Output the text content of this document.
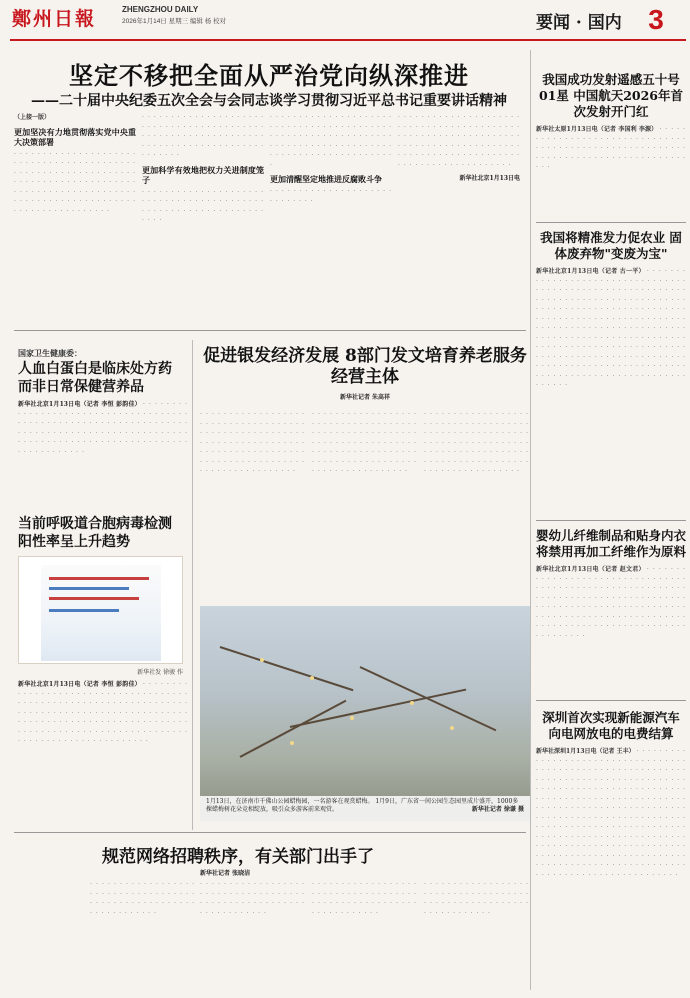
鄭州日報	ZHENGZHOU DAILY
2026年1月14日 星期三 编辑 杨 校对	要闻 · 国内 3
坚定不移把全面从严治党向纵深推进
——二十届中央纪委五次全会与会同志谈学习贯彻习近平总书记重要讲话精神
（上接一版）
更加坚决有力地贯彻落实党中央重大决策部署
· · · · · · · · · · · · · · · · · · · · · · · · · · · · · · · · · · · · · · · · · · · · · · · · · · · · · · · · · · · · · · · · · · · · · · · · · · · · · · · · · · · · · · · · · · · · · · · · · · · · · · · · · · · · · · · · · · · · · · · · · · · · · · · · · · · · · · · · · · · · · · ·
· · · · · · · · · · · · · · · · · · · · · · · · · · · · · · · · · · · · · · · · · · · · · · · · · · · · · · · · · · · · · · · · · · · · · · · · · · · · · · · · · · · · · · · · · · ·
更加科学有效地把权力关进制度笼子
· · · · · · · · · · · · · · · · · · · · · · · · · · · · · · · · · · · · · · · · · · · · · · · · · · · · · · · · · · · · · · · · · · ·
· · · · · · · · · · · · · · · · · · · · · · · · · · · · · · · · · · · · · · · · · · · · · · · · · · · · · · · · · · · · · · · · · · · · · · · · · · · · · · · · · · · · · · · · · · · · · · · · · · · · · · · · · ·
更加清醒坚定地推进反腐败斗争
· · · · · · · · · · · · · · · · · · · · · · · · · · · · ·
· · · · · · · · · · · · · · · · · · · · · · · · · · · · · · · · · · · · · · · · · · · · · · · · · · · · · · · · · · · · · · · · · · · · · · · · · · · · · · · · · · · · · · · · · · · · · · · · · · · · · · · · · · · · · · · · · · · · · · · · · · · · ·
新华社北京1月13日电
我国成功发射遥感五十号01星 中国航天2026年首次发射开门红
新华社太原1月13日电（记者 李国利 李源） · · · · · · · · · · · · · · · · · · · · · · · · · · · · · · · · · · · · · · · · · · · · · · · · · · · · · · · · · · · · · · · · · · · · · · · · · · · · · · · · · · · · · ·
我国将精准发力促农业 固体废弃物"变废为宝"
新华社北京1月13日电（记者 古一平） · · · · · · · · · · · · · · · · · · · · · · · · · · · · · · · · · · · · · · · · · · · · · · · · · · · · · · · · · · · · · · · · · · · · · · · · · · · · · · · · · · · · · · · · · · · · · · · · · · · · · · · · · · · · · · · · · · · · · · · · · · · · · · · · · · · · · · · · · · · · · · · · · · · · · · · · · · · · · · · · · · · · · · · · · · · · · · · · · · · · · · · · · · · · · · · · · · · · · · · · · · · · · · · · · · · · · · · · · · · · · · · · · · · · · · · · · · · · · · · · · · · · · · · · · · · · · · · · · · · · · · · · · · · · · · · · · · · · · · · · · · · · · · · · · · · · · · · · · · ·
国家卫生健康委：
人血白蛋白是临床处方药而非日常保健营养品
新华社北京1月13日电（记者 李恒 彭韵佳） · · · · · · · · · · · · · · · · · · · · · · · · · · · · · · · · · · · · · · · · · · · · · · · · · · · · · · · · · · · · · · · · · · · · · · · · · · · · · · · · · · · · · · · · · · · · · · · · · · · · · · · · · · · · · · · · · · · · · · · · · · · · · · · · · · · · · · · ·
当前呼吸道合胞病毒检测阳性率呈上升趋势
新华社发 徐骏 作
新华社北京1月13日电（记者 李恒 彭韵佳） · · · · · · · · · · · · · · · · · · · · · · · · · · · · · · · · · · · · · · · · · · · · · · · · · · · · · · · · · · · · · · · · · · · · · · · · · · · · · · · · · · · · · · · · · · · · · · · · · · · · · · · · · · · · · · · · · · · · · · · · · · · · · · · · · · · · · · · · · · · · · · · · · · · · · · · · · · · · · · · · · · · · · · · · · · · · · · · ·
促进银发经济发展 8部门发文培育养老服务经营主体
新华社记者 朱高祥
· · · · · · · · · · · · · · · · · · · · · · · · · · · · · · · · · · · · · · · · · · · · · · · · · · · · · · · · · · · · · · · · · · · · · · · · · · · · · · · · · · · · · · · · · · · · · · · · · · · · · · · · · · · · · · · · · · · · · · · · · · · · ·
· · · · · · · · · · · · · · · · · · · · · · · · · · · · · · · · · · · · · · · · · · · · · · · · · · · · · · · · · · · · · · · · · · · · · · · · · · · · · · · · · · · · · · · · · · · · · · · · · · · · · · · · · · · · · · · · · · · · · · · · · · · · ·
· · · · · · · · · · · · · · · · · · · · · · · · · · · · · · · · · · · · · · · · · · · · · · · · · · · · · · · · · · · · · · · · · · · · · · · · · · · · · · · · · · · · · · · · · · · · · · · · · · · · · · · · · · · · · · · · · · · · · · · · · · · · ·
1月13日，在济南市千佛山公园蜡梅园，一名游客在观赏蜡梅。 1月9日，广东省一间公园生态园里成片盛开，1000多棵蜡梅树花朵竞相绽放，吸引众多游客前来观赏。	新华社记者 徐谦 摄
规范网络招聘秩序，有关部门出手了
新华社记者 张晓洁
· · · · · · · · · · · · · · · · · · · · · · · · · · · · · · · · · · · · · · · · · · · · · · · · · · · · · · · · · · · · · · · · · ·
· · · · · · · · · · · · · · · · · · · · · · · · · · · · · · · · · · · · · · · · · · · · · · · · · · · · · · · · · · · · · · · · · ·
· · · · · · · · · · · · · · · · · · · · · · · · · · · · · · · · · · · · · · · · · · · · · · · · · · · · · · · · · · · · · · · · · ·
· · · · · · · · · · · · · · · · · · · · · · · · · · · · · · · · · · · · · · · · · · · · · · · · · · · · · · · · · · · · · · · · · ·
婴幼儿纤维制品和贴身内衣 将禁用再加工纤维作为原料
新华社北京1月13日电（记者 赵文君） · · · · · · · · · · · · · · · · · · · · · · · · · · · · · · · · · · · · · · · · · · · · · · · · · · · · · · · · · · · · · · · · · · · · · · · · · · · · · · · · · · · · · · · · · · · · · · · · · · · · · · · · · · · · · · · · · · · · · · · · · · · · · · · · · · · · · · · · · · · · · · · · · · · · · · · · · · · · · · · · · · · · · · · · · · · ·
深圳首次实现新能源汽车 向电网放电的电费结算
新华社深圳1月13日电（记者 王丰） · · · · · · · · · · · · · · · · · · · · · · · · · · · · · · · · · · · · · · · · · · · · · · · · · · · · · · · · · · · · · · · · · · · · · · · · · · · · · · · · · · · · · · · · · · · · · · · · · · · · · · · · · · · · · · · · · · · · · · · · · · · · · · · · · · · · · · · · · · · · · · · · · · · · · · · · · · · · · · · · · · · · · · · · · · · · · · · · · · · · · · · · · · · · · · · · · · · · · · · · · · · · · · · · · · · · · · · · · · · · · · · · · · · · · · · · · · · · · · · · · · · · · · · · · · · · · · · · · · · · · · · · · · · · · · · · · · · · · · · · · · · · · · · · · · · · · · · · · · · · · · · · · · · · · · · · · · · · · · · · · · · · · · · · · · · · · · · · · · · · · · · · · ·
